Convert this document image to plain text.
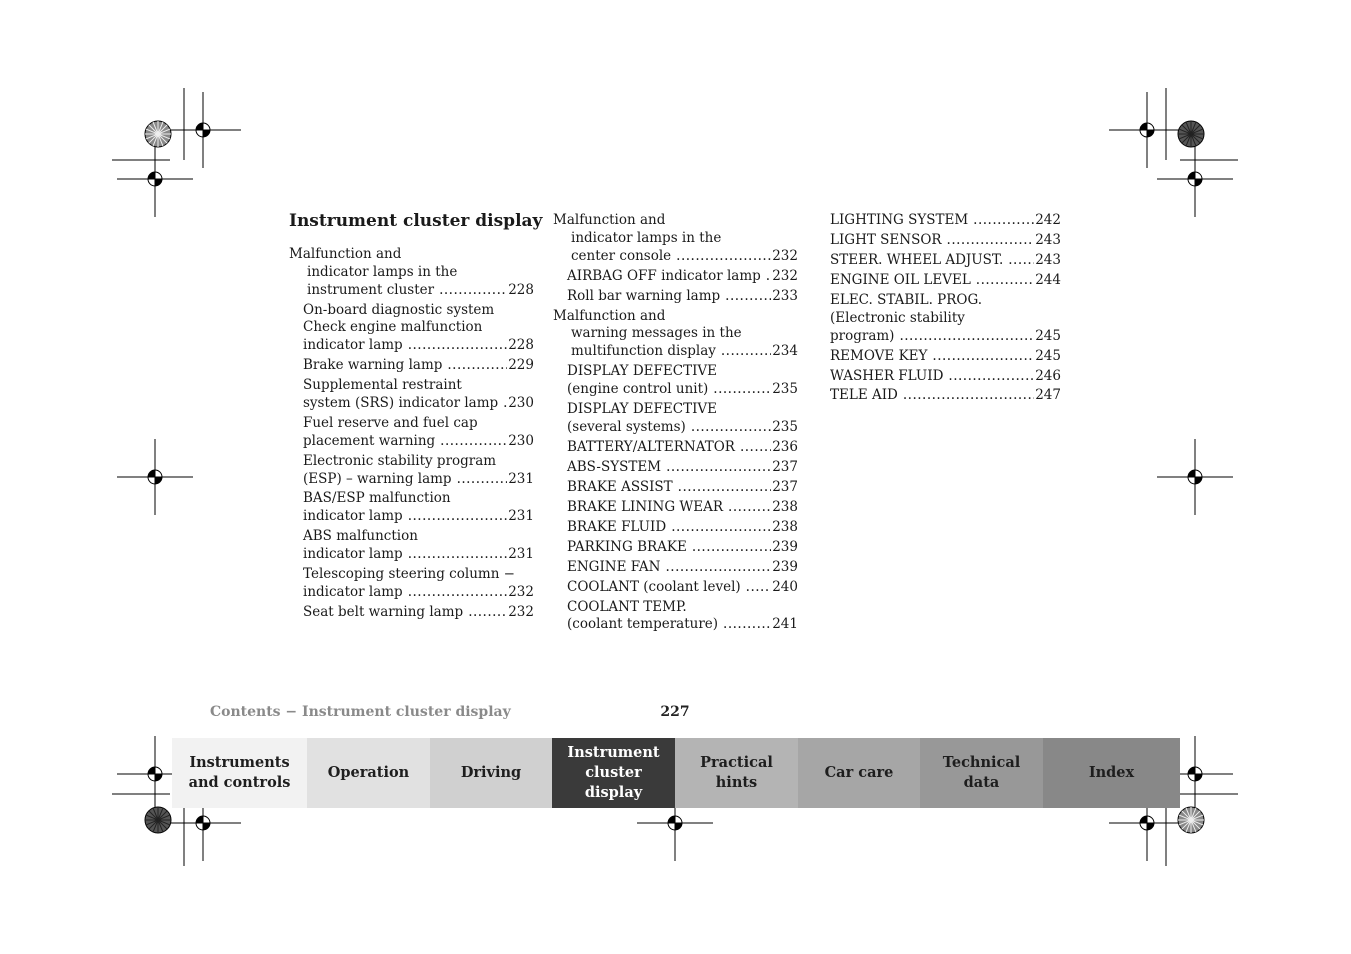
Instrument cluster display
Malfunction and
indicator lamps in the
instrument cluster .....	228
On-board diagnostic system
Check engine malfunction
indicator lamp .....	228
Brake warning lamp .....	229
Supplemental restraint
system (SRS) indicator lamp ..... 230
Fuel reserve and fuel cap
placement warning .....	230
Electronic stability program
(ESP) – warning lamp .....	231
BAS/ESP malfunction
indicator lamp .....	231
ABS malfunction
indicator lamp .....	231
Telescoping steering column −
indicator lamp .....	232
Seat belt warning lamp .....	232
Malfunction and
indicator lamps in the
center console .....	232
AIRBAG OFF indicator lamp ..... 232
Roll bar warning lamp .....	233
Malfunction and
warning messages in the
multifunction display .....	234
DISPLAY DEFECTIVE
(engine control unit) .....	235
DISPLAY DEFECTIVE
(several systems) .....	235
BATTERY/ALTERNATOR .....	236
ABS-SYSTEM .....	237
BRAKE ASSIST .....	237
BRAKE LINING WEAR .....	238
BRAKE FLUID .....	238
PARKING BRAKE .....	239
ENGINE FAN .....	239
COOLANT (coolant level) ..... 240
COOLANT TEMP.
(coolant temperature) .....	241
LIGHTING SYSTEM .....	242
LIGHT SENSOR .....	243
STEER. WHEEL ADJUST. ..... 243
ENGINE OIL LEVEL .....	244
ELEC. STABIL. PROG.
(Electronic stability
program) .....	245
REMOVE KEY .....	245
WASHER FLUID .....	246
TELE AID .....	247
Contents − Instrument cluster display	227
Instruments
and controls
Operation	Driving
Instrument
cluster display
Practical hints
Car care
Technical
data
Index
